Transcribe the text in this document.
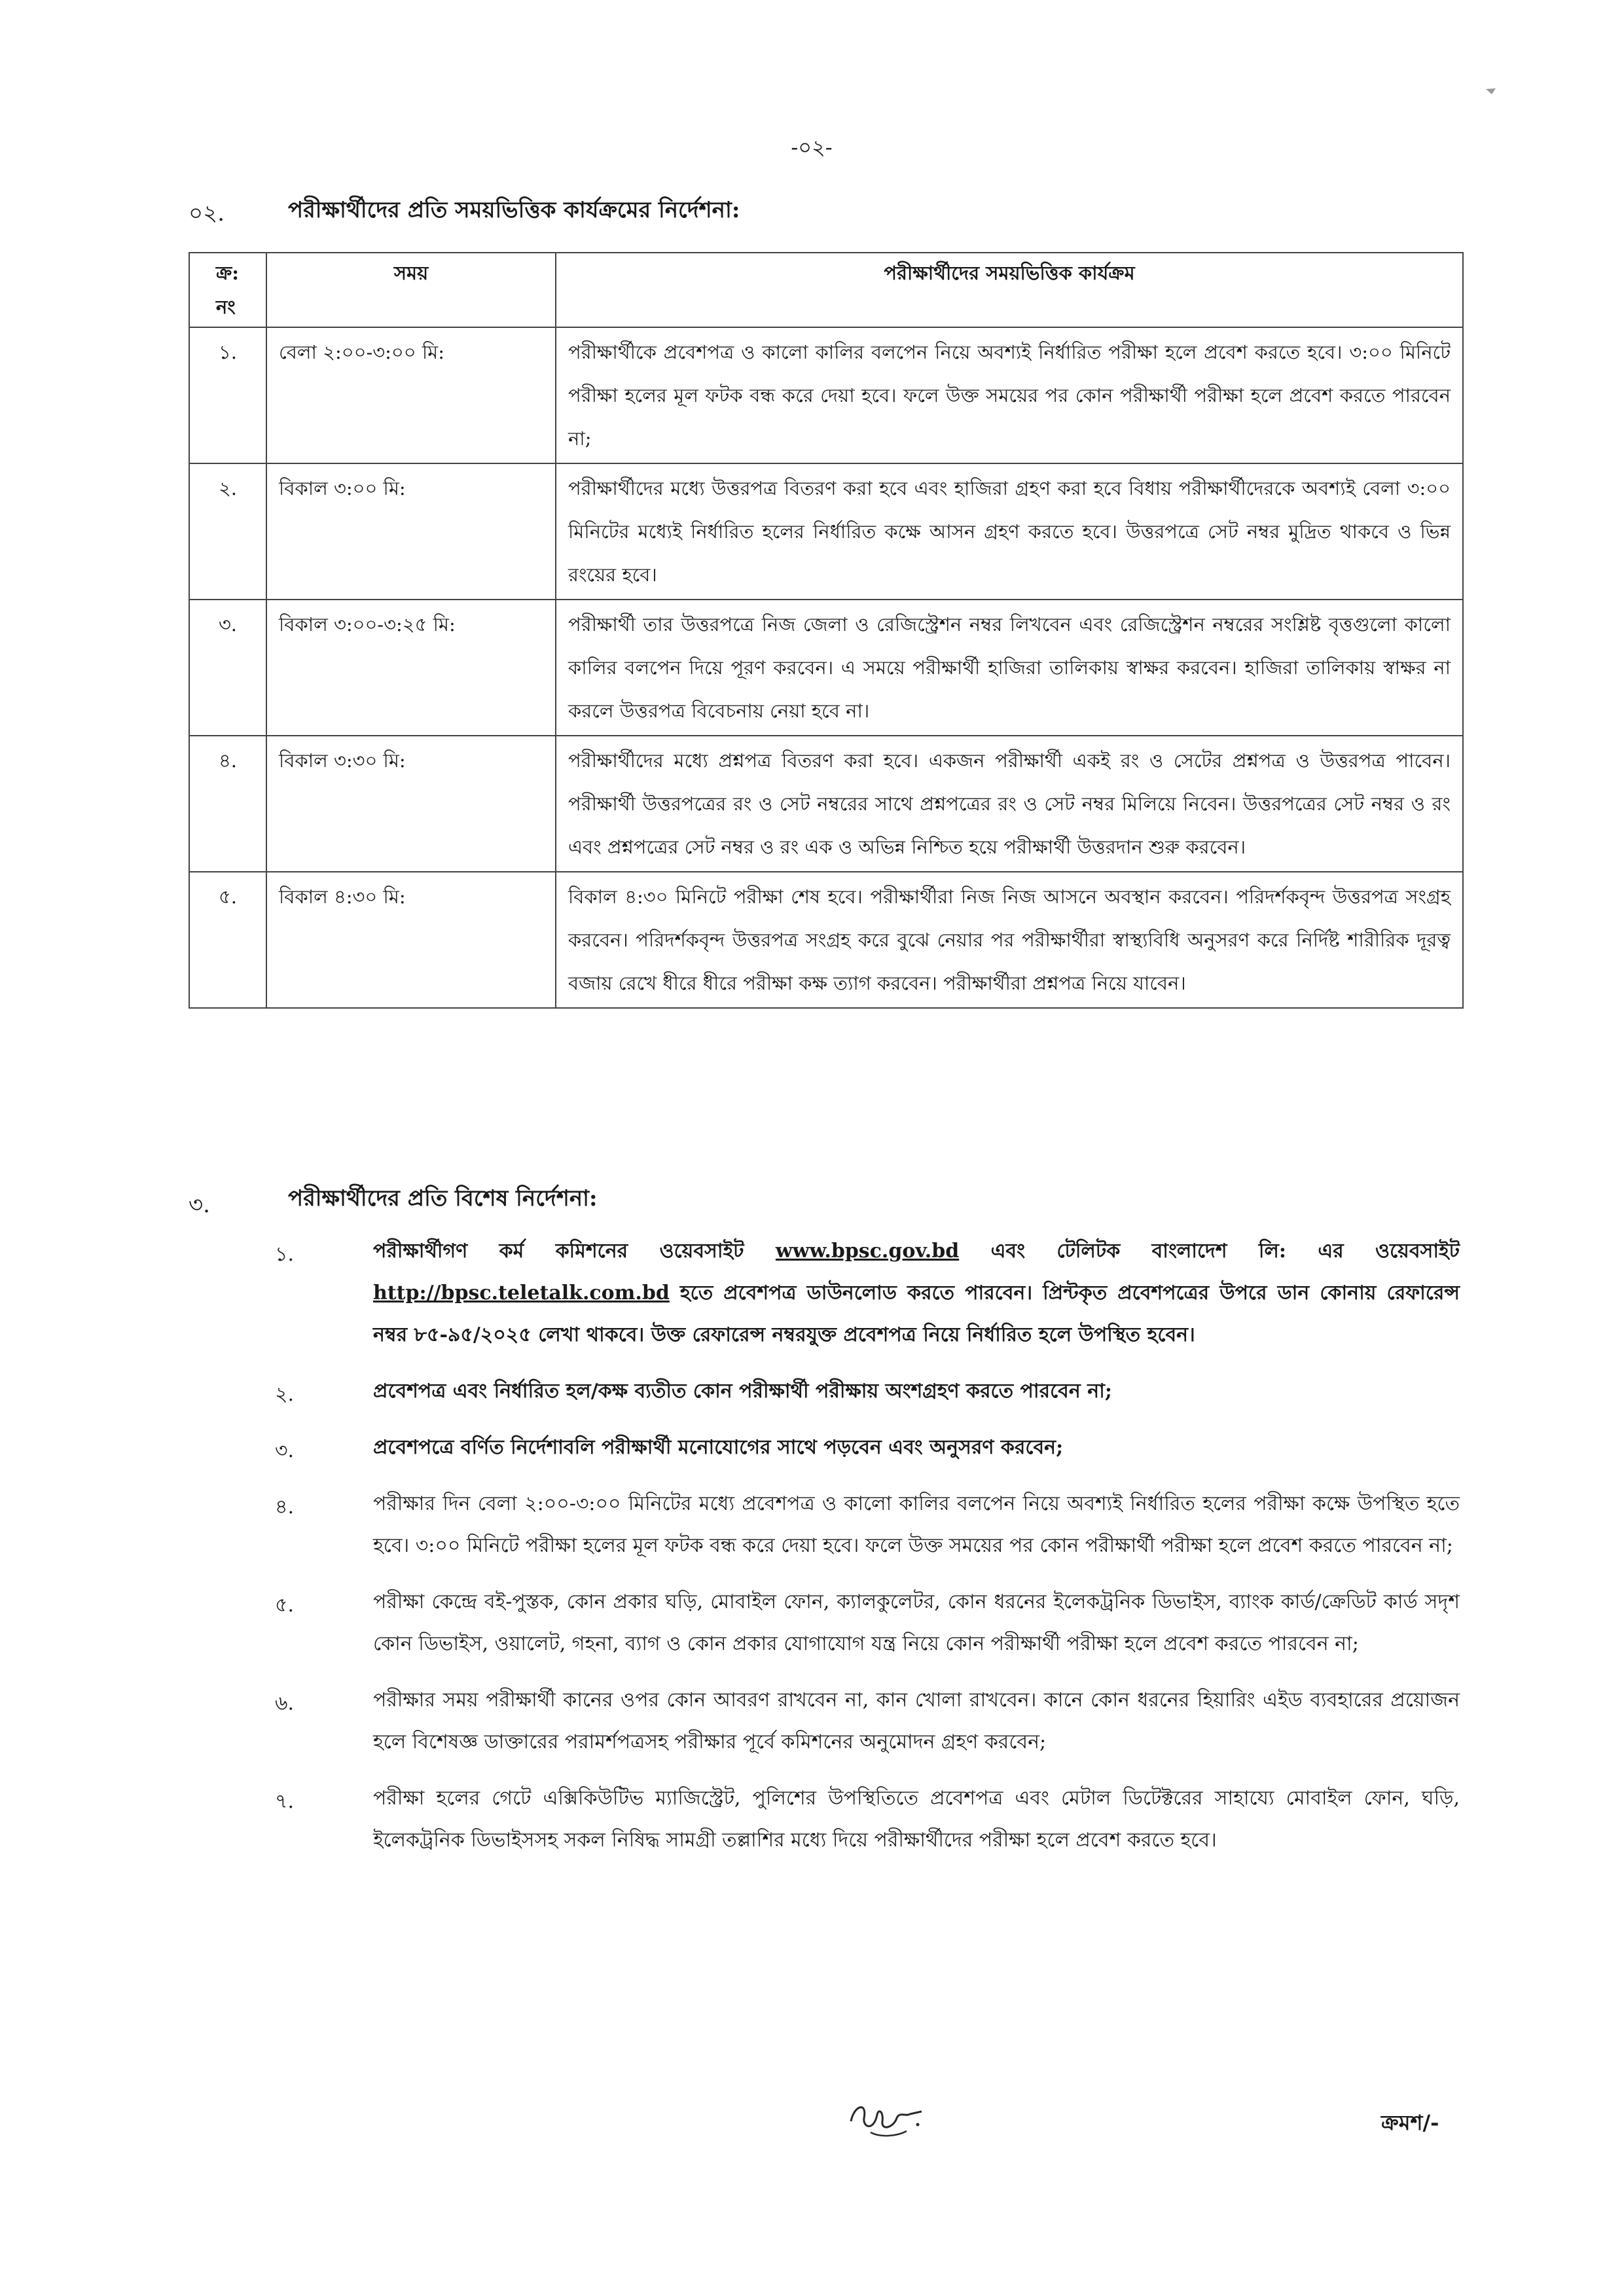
-০২-
০২.	পরীক্ষার্থীদের প্রতি সময়ভিত্তিক কার্যক্রমের নির্দেশনা:
ক্র: নং	সময়	পরীক্ষার্থীদের সময়ভিত্তিক কার্যক্রম
১.	বেলা ২:০০-৩:০০ মি:	পরীক্ষার্থীকে প্রবেশপত্র ও কালো কালির বলপেন নিয়ে অবশ্যই নির্ধারিত পরীক্ষা হলে প্রবেশ করতে হবে। ৩:০০ মিনিটে পরীক্ষা হলের মূল ফটক বন্ধ করে দেয়া হবে। ফলে উক্ত সময়ের পর কোন পরীক্ষার্থী পরীক্ষা হলে প্রবেশ করতে পারবেন না;
২.	বিকাল ৩:০০ মি:	পরীক্ষার্থীদের মধ্যে উত্তরপত্র বিতরণ করা হবে এবং হাজিরা গ্রহণ করা হবে বিধায় পরীক্ষার্থীদেরকে অবশ্যই বেলা ৩:০০ মিনিটের মধ্যেই নির্ধারিত হলের নির্ধারিত কক্ষে আসন গ্রহণ করতে হবে। উত্তরপত্রে সেট নম্বর মুদ্রিত থাকবে ও ভিন্ন রংয়ের হবে।
৩.	বিকাল ৩:০০-৩:২৫ মি:	পরীক্ষার্থী তার উত্তরপত্রে নিজ জেলা ও রেজিস্ট্রেশন নম্বর লিখবেন এবং রেজিস্ট্রেশন নম্বরের সংশ্লিষ্ট বৃত্তগুলো কালো কালির বলপেন দিয়ে পূরণ করবেন। এ সময়ে পরীক্ষার্থী হাজিরা তালিকায় স্বাক্ষর করবেন। হাজিরা তালিকায় স্বাক্ষর না করলে উত্তরপত্র বিবেচনায় নেয়া হবে না।
৪.	বিকাল ৩:৩০ মি:	পরীক্ষার্থীদের মধ্যে প্রশ্নপত্র বিতরণ করা হবে। একজন পরীক্ষার্থী একই রং ও সেটের প্রশ্নপত্র ও উত্তরপত্র পাবেন। পরীক্ষার্থী উত্তরপত্রের রং ও সেট নম্বরের সাথে প্রশ্নপত্রের রং ও সেট নম্বর মিলিয়ে নিবেন। উত্তরপত্রের সেট নম্বর ও রং এবং প্রশ্নপত্রের সেট নম্বর ও রং এক ও অভিন্ন নিশ্চিত হয়ে পরীক্ষার্থী উত্তরদান শুরু করবেন।
৫.	বিকাল ৪:৩০ মি:	বিকাল ৪:৩০ মিনিটে পরীক্ষা শেষ হবে। পরীক্ষার্থীরা নিজ নিজ আসনে অবস্থান করবেন। পরিদর্শকবৃন্দ উত্তরপত্র সংগ্রহ করবেন। পরিদর্শকবৃন্দ উত্তরপত্র সংগ্রহ করে বুঝে নেয়ার পর পরীক্ষার্থীরা স্বাস্থ্যবিধি অনুসরণ করে নির্দিষ্ট শারীরিক দূরত্ব বজায় রেখে ধীরে ধীরে পরীক্ষা কক্ষ ত্যাগ করবেন। পরীক্ষার্থীরা প্রশ্নপত্র নিয়ে যাবেন।
৩.	পরীক্ষার্থীদের প্রতি বিশেষ নির্দেশনা:
১.	পরীক্ষার্থীগণ কর্ম কমিশনের ওয়েবসাইট www.bpsc.gov.bd এবং টেলিটক বাংলাদেশ লি: এর ওয়েবসাইট http://bpsc.teletalk.com.bd হতে প্রবেশপত্র ডাউনলোড করতে পারবেন। প্রিন্টকৃত প্রবেশপত্রের উপরে ডান কোনায় রেফারেন্স নম্বর ৮৫-৯৫/২০২৫ লেখা থাকবে। উক্ত রেফারেন্স নম্বরযুক্ত প্রবেশপত্র নিয়ে নির্ধারিত হলে উপস্থিত হবেন।
২.	প্রবেশপত্র এবং নির্ধারিত হল/কক্ষ ব্যতীত কোন পরীক্ষার্থী পরীক্ষায় অংশগ্রহণ করতে পারবেন না;
৩.	প্রবেশপত্রে বর্ণিত নির্দেশাবলি পরীক্ষার্থী মনোযোগের সাথে পড়বেন এবং অনুসরণ করবেন;
৪.	পরীক্ষার দিন বেলা ২:০০-৩:০০ মিনিটের মধ্যে প্রবেশপত্র ও কালো কালির বলপেন নিয়ে অবশ্যই নির্ধারিত হলের পরীক্ষা কক্ষে উপস্থিত হতে হবে। ৩:০০ মিনিটে পরীক্ষা হলের মূল ফটক বন্ধ করে দেয়া হবে। ফলে উক্ত সময়ের পর কোন পরীক্ষার্থী পরীক্ষা হলে প্রবেশ করতে পারবেন না;
৫.	পরীক্ষা কেন্দ্রে বই-পুস্তক, কোন প্রকার ঘড়ি, মোবাইল ফোন, ক্যালকুলেটর, কোন ধরনের ইলেকট্রনিক ডিভাইস, ব্যাংক কার্ড/ক্রেডিট কার্ড সদৃশ কোন ডিভাইস, ওয়ালেট, গহনা, ব্যাগ ও কোন প্রকার যোগাযোগ যন্ত্র নিয়ে কোন পরীক্ষার্থী পরীক্ষা হলে প্রবেশ করতে পারবেন না;
৬.	পরীক্ষার সময় পরীক্ষার্থী কানের ওপর কোন আবরণ রাখবেন না, কান খোলা রাখবেন। কানে কোন ধরনের হিয়ারিং এইড ব্যবহারের প্রয়োজন হলে বিশেষজ্ঞ ডাক্তারের পরামর্শপত্রসহ পরীক্ষার পূর্বে কমিশনের অনুমোদন গ্রহণ করবেন;
৭.	পরীক্ষা হলের গেটে এক্সিকিউটিভ ম্যাজিস্ট্রেট, পুলিশের উপস্থিতিতে প্রবেশপত্র এবং মেটাল ডিটেক্টরের সাহায্যে মোবাইল ফোন, ঘড়ি, ইলেকট্রনিক ডিভাইসসহ সকল নিষিদ্ধ সামগ্রী তল্লাশির মধ্যে দিয়ে পরীক্ষার্থীদের পরীক্ষা হলে প্রবেশ করতে হবে।
ক্রমশ/-
